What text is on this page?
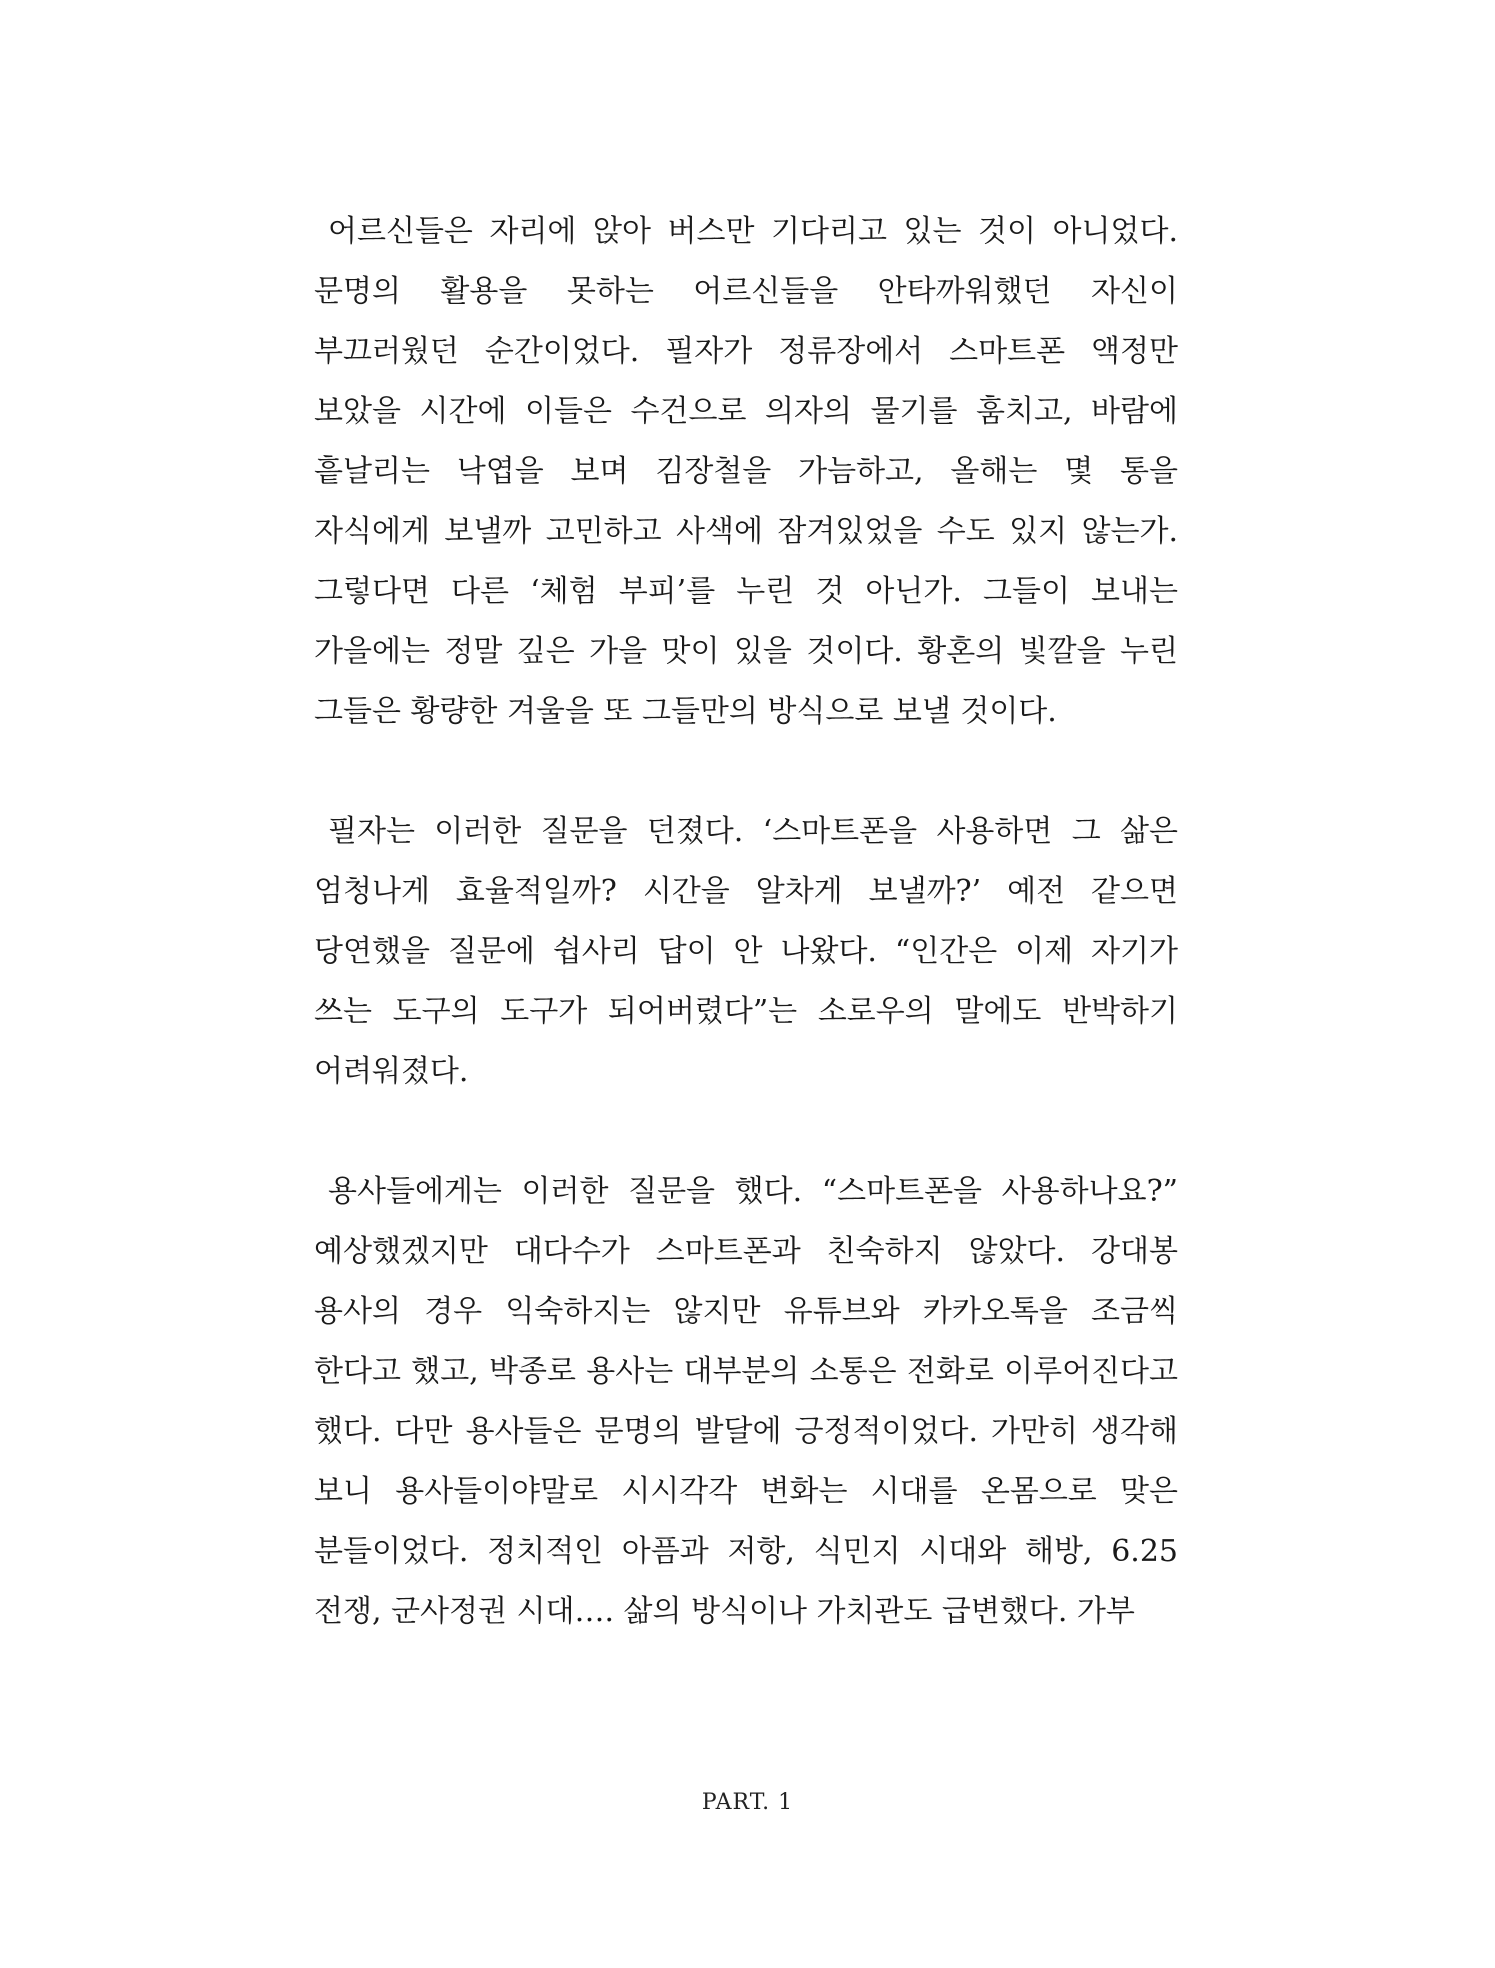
어르신들은 자리에 앉아 버스만 기다리고 있는 것이 아니었다. 문명의 활용을 못하는 어르신들을 안타까워했던 자신이 부끄러웠던 순간이었다. 필자가 정류장에서 스마트폰 액정만 보았을 시간에 이들은 수건으로 의자의 물기를 훔치고, 바람에 흩날리는 낙엽을 보며 김장철을 가늠하고, 올해는 몇 통을 자식에게 보낼까 고민하고 사색에 잠겨있었을 수도 있지 않는가. 그렇다면 다른 ‘체험 부피’를 누린 것 아닌가. 그들이 보내는 가을에는 정말 깊은 가을 맛이 있을 것이다. 황혼의 빛깔을 누린 그들은 황량한 겨울을 또 그들만의 방식으로 보낼 것이다.

필자는 이러한 질문을 던졌다. ‘스마트폰을 사용하면 그 삶은 엄청나게 효율적일까? 시간을 알차게 보낼까?’ 예전 같으면 당연했을 질문에 쉽사리 답이 안 나왔다. “인간은 이제 자기가 쓰는 도구의 도구가 되어버렸다”는 소로우의 말에도 반박하기 어려워졌다.

용사들에게는 이러한 질문을 했다. “스마트폰을 사용하나요?” 예상했겠지만 대다수가 스마트폰과 친숙하지 않았다. 강대봉 용사의 경우 익숙하지는 않지만 유튜브와 카카오톡을 조금씩 한다고 했고, 박종로 용사는 대부분의 소통은 전화로 이루어진다고 했다. 다만 용사들은 문명의 발달에 긍정적이었다. 가만히 생각해 보니 용사들이야말로 시시각각 변화는 시대를 온몸으로 맞은 분들이었다. 정치적인 아픔과 저항, 식민지 시대와 해방, 6.25 전쟁, 군사정권 시대…. 삶의 방식이나 가치관도 급변했다. 가부

PART. 1
